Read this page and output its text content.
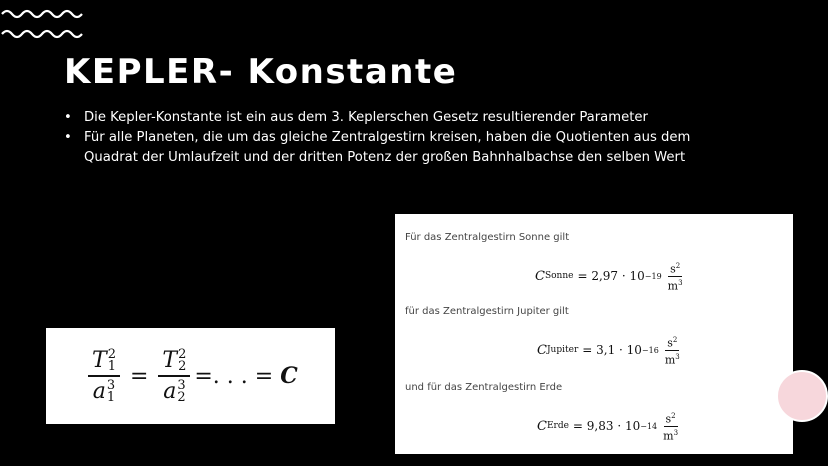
KEPLER- Konstante
• Die Kepler-Konstante ist ein aus dem 3. Keplerschen Gesetz resultierender Parameter
• Für alle Planeten, die um das gleiche Zentralgestirn kreisen, haben die Quotienten aus dem Quadrat der Umlaufzeit und der dritten Potenz der großen Bahnhalbachse den selben Wert
T 2
1
a 3
1 = T 2
2
a 3
2 =. . . = C
Für das Zentralgestirn Sonne gilt
C Sonne = 2,97 · 10 −19
$s^2$
$m^3$
für das Zentralgestirn Jupiter gilt
C Jupiter = 3,1 · 10 −16
$s^2$
$m^3$
und für das Zentralgestirn Erde
C Erde = 9,83 · 10 −14
$s^2$
$m^3$
